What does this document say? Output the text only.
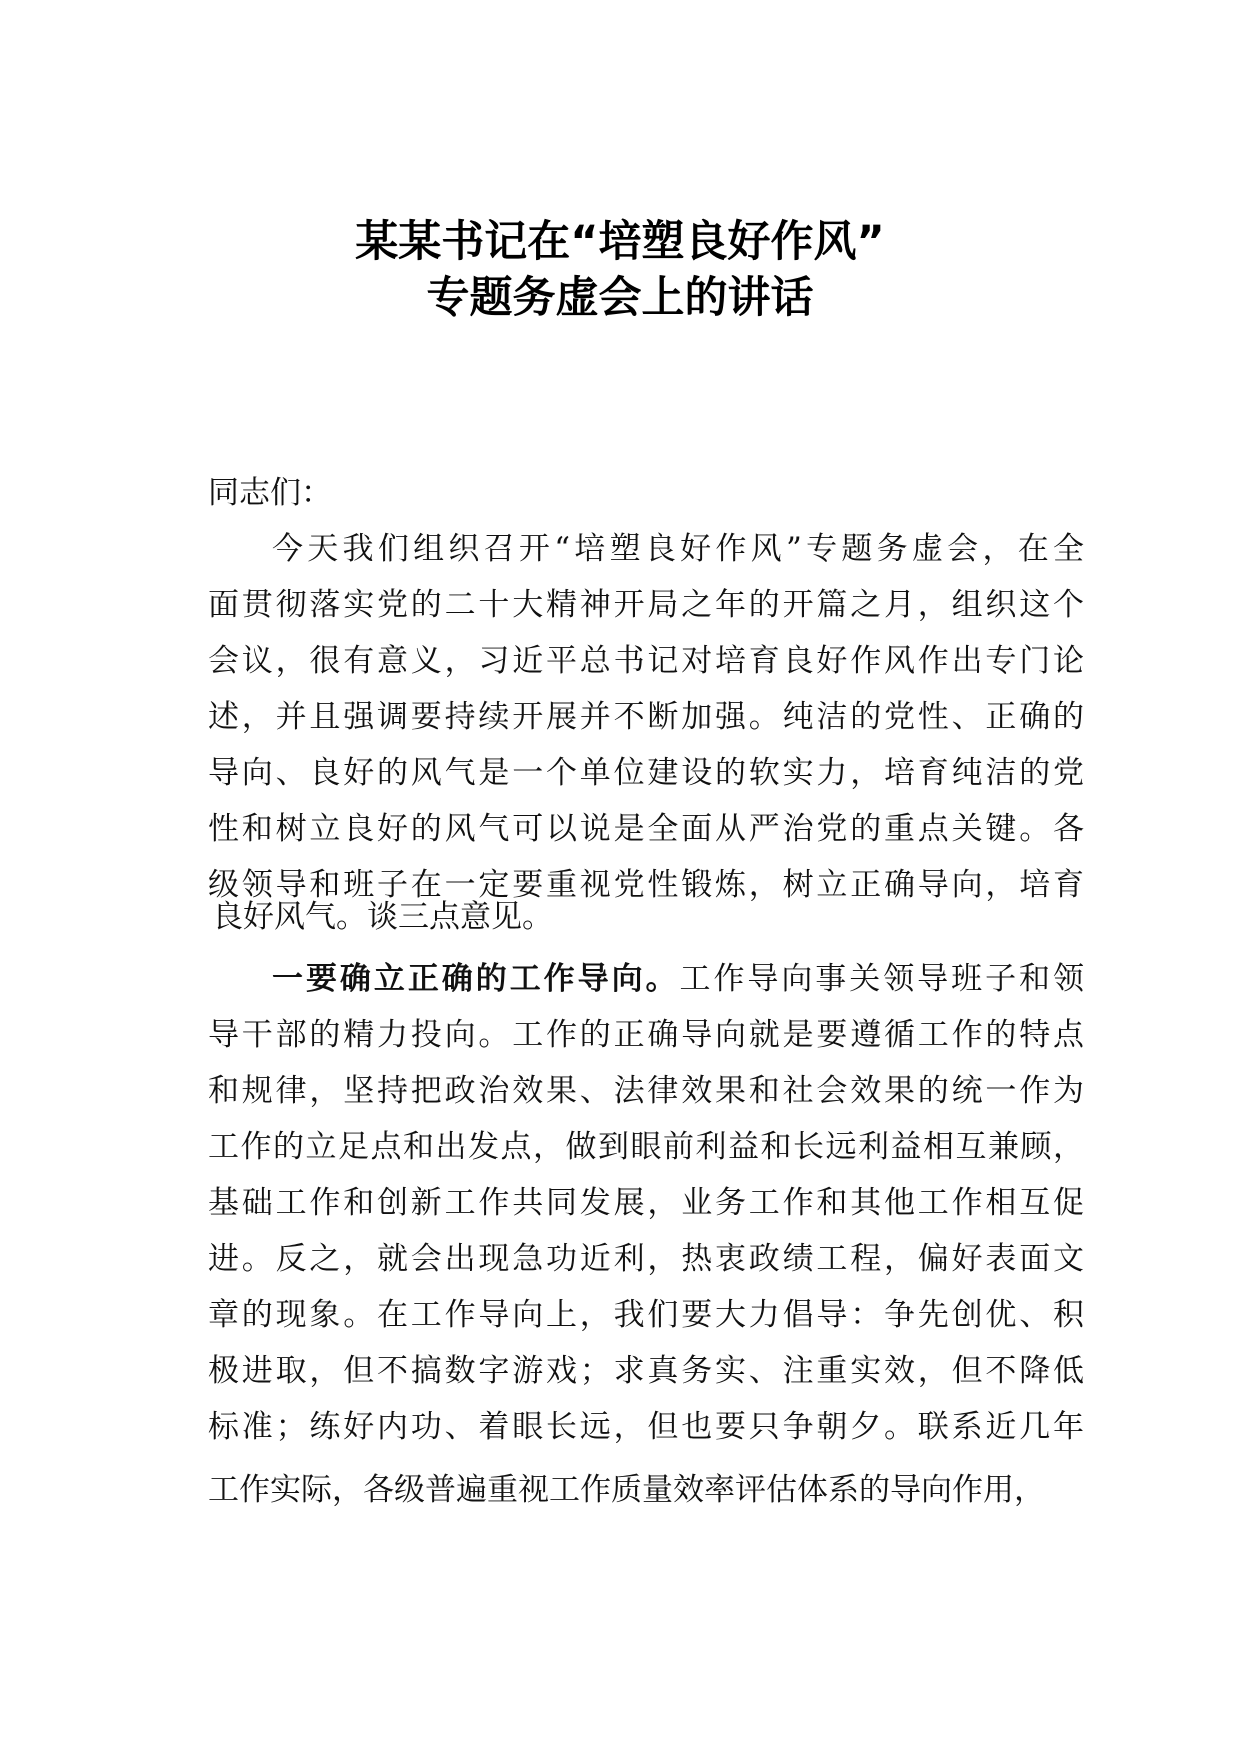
某某书记在“培塑良好作风”
专题务虚会上的讲话
同志们：
今天我们组织召开“培塑良好作风”专题务虚会，在全
面贯彻落实党的二十大精神开局之年的开篇之月，组织这个
会议，很有意义，习近平总书记对培育良好作风作出专门论
述，并且强调要持续开展并不断加强。纯洁的党性、正确的
导向、良好的风气是一个单位建设的软实力，培育纯洁的党
性和树立良好的风气可以说是全面从严治党的重点关键。各
级领导和班子在一定要重视党性锻炼，树立正确导向，培育
良好风气。谈三点意见。
一要确立正确的工作导向。工作导向事关领导班子和领
导干部的精力投向。工作的正确导向就是要遵循工作的特点
和规律，坚持把政治效果、法律效果和社会效果的统一作为
工作的立足点和出发点，做到眼前利益和长远利益相互兼顾，
基础工作和创新工作共同发展，业务工作和其他工作相互促
进。反之，就会出现急功近利，热衷政绩工程，偏好表面文
章的现象。在工作导向上，我们要大力倡导：争先创优、积
极进取，但不搞数字游戏；求真务实、注重实效，但不降低
标准；练好内功、着眼长远，但也要只争朝夕。联系近几年
工作实际，各级普遍重视工作质量效率评估体系的导向作用，
